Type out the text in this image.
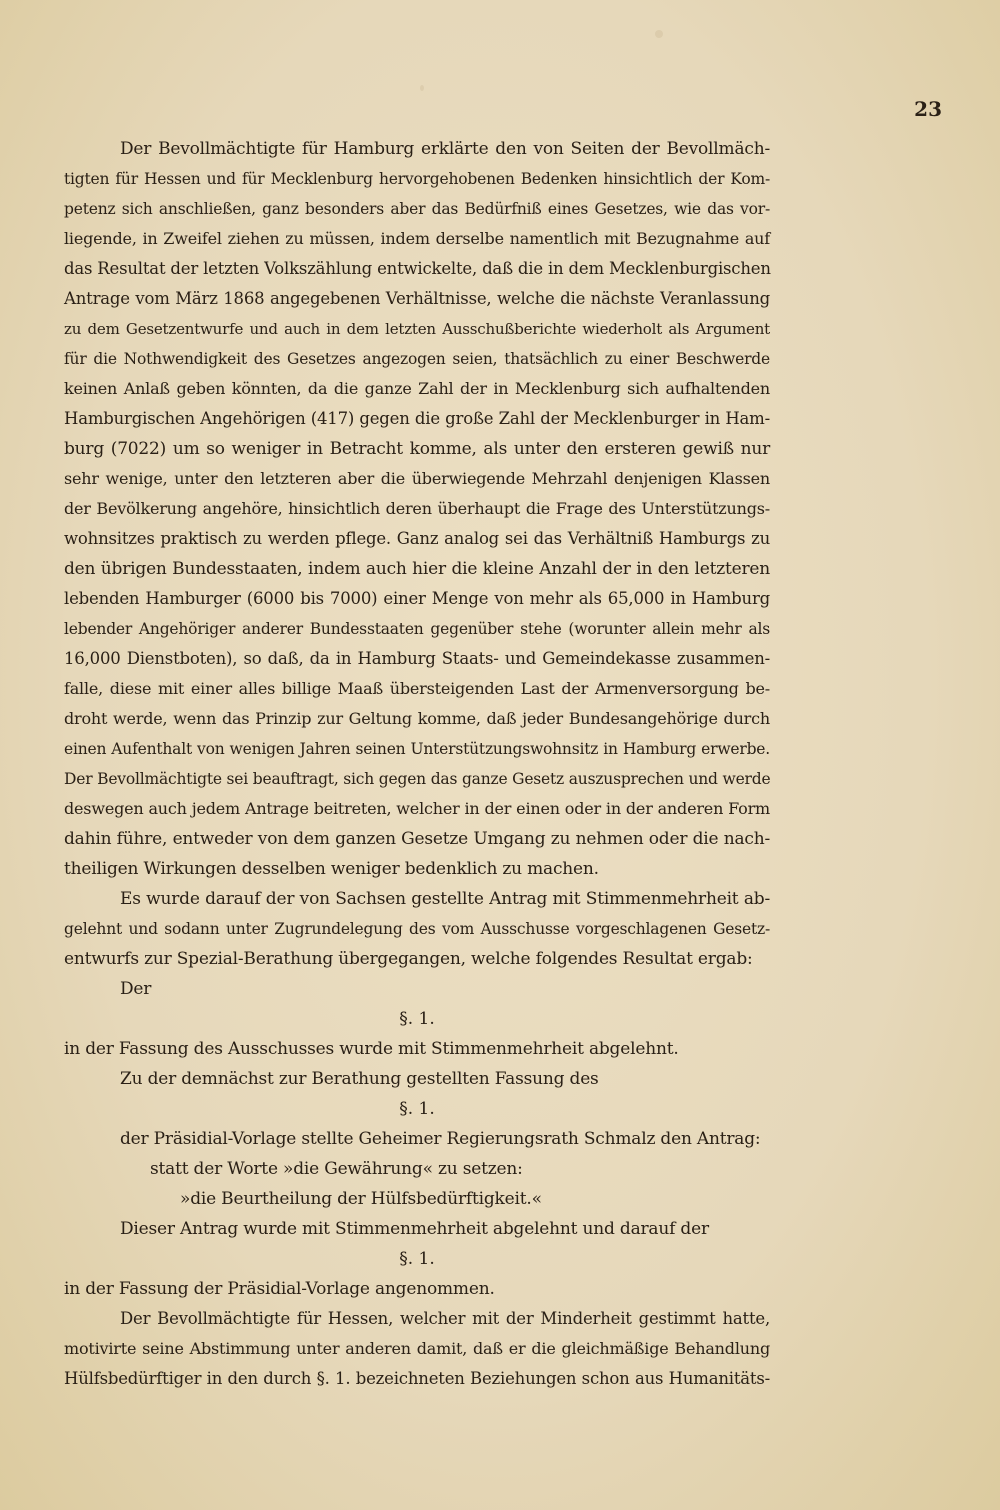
23
Der Bevollmächtigte für Hamburg erklärte den von Seiten der Bevollmäch-
tigten für Hessen und für Mecklenburg hervorgehobenen Bedenken hinsichtlich der Kom-
petenz sich anschließen, ganz besonders aber das Bedürfniß eines Gesetzes, wie das vor-
liegende, in Zweifel ziehen zu müssen, indem derselbe namentlich mit Bezugnahme auf
das Resultat der letzten Volkszählung entwickelte, daß die in dem Mecklenburgischen
Antrage vom März 1868 angegebenen Verhältnisse, welche die nächste Veranlassung
zu dem Gesetzentwurfe und auch in dem letzten Ausschußberichte wiederholt als Argument
für die Nothwendigkeit des Gesetzes angezogen seien, thatsächlich zu einer Beschwerde
keinen Anlaß geben könnten, da die ganze Zahl der in Mecklenburg sich aufhaltenden
Hamburgischen Angehörigen (417) gegen die große Zahl der Mecklenburger in Ham-
burg (7022) um so weniger in Betracht komme, als unter den ersteren gewiß nur
sehr wenige, unter den letzteren aber die überwiegende Mehrzahl denjenigen Klassen
der Bevölkerung angehöre, hinsichtlich deren überhaupt die Frage des Unterstützungs-
wohnsitzes praktisch zu werden pflege. Ganz analog sei das Verhältniß Hamburgs zu
den übrigen Bundesstaaten, indem auch hier die kleine Anzahl der in den letzteren
lebenden Hamburger (6000 bis 7000) einer Menge von mehr als 65,000 in Hamburg
lebender Angehöriger anderer Bundesstaaten gegenüber stehe (worunter allein mehr als
16,000 Dienstboten), so daß, da in Hamburg Staats- und Gemeindekasse zusammen-
falle, diese mit einer alles billige Maaß übersteigenden Last der Armenversorgung be-
droht werde, wenn das Prinzip zur Geltung komme, daß jeder Bundesangehörige durch
einen Aufenthalt von wenigen Jahren seinen Unterstützungswohnsitz in Hamburg erwerbe.
Der Bevollmächtigte sei beauftragt, sich gegen das ganze Gesetz auszusprechen und werde
deswegen auch jedem Antrage beitreten, welcher in der einen oder in der anderen Form
dahin führe, entweder von dem ganzen Gesetze Umgang zu nehmen oder die nach-
theiligen Wirkungen desselben weniger bedenklich zu machen.
Es wurde darauf der von Sachsen gestellte Antrag mit Stimmenmehrheit ab-
gelehnt und sodann unter Zugrundelegung des vom Ausschusse vorgeschlagenen Gesetz-
entwurfs zur Spezial-Berathung übergegangen, welche folgendes Resultat ergab:
Der
§. 1.
in der Fassung des Ausschusses wurde mit Stimmenmehrheit abgelehnt.
Zu der demnächst zur Berathung gestellten Fassung des
§. 1.
der Präsidial-Vorlage stellte Geheimer Regierungsrath Schmalz den Antrag:
statt der Worte »die Gewährung« zu setzen:
»die Beurtheilung der Hülfsbedürftigkeit.«
Dieser Antrag wurde mit Stimmenmehrheit abgelehnt und darauf der
§. 1.
in der Fassung der Präsidial-Vorlage angenommen.
Der Bevollmächtigte für Hessen, welcher mit der Minderheit gestimmt hatte,
motivirte seine Abstimmung unter anderen damit, daß er die gleichmäßige Behandlung
Hülfsbedürftiger in den durch §. 1. bezeichneten Beziehungen schon aus Humanitäts-
